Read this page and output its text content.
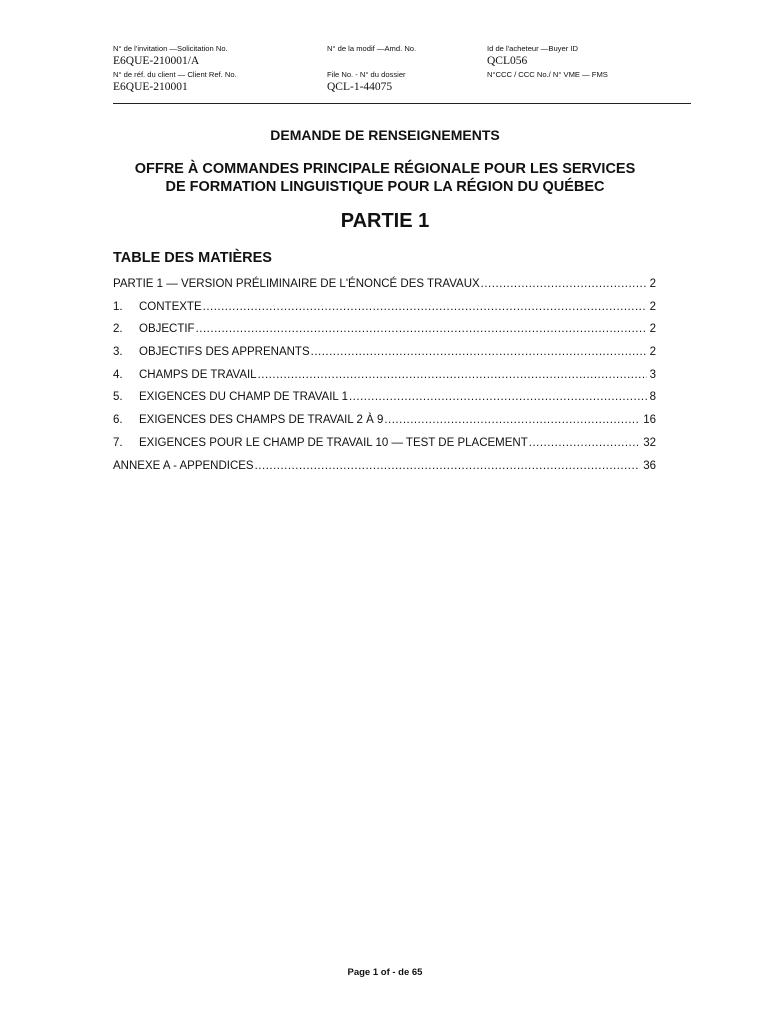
N° de l'invitation —Solicitation No.
E6QUE-210001/A
N° de la modif —Amd. No.	Id de l'acheteur —Buyer ID
QCL056
N° de réf. du client — Client Ref. No.
E6QUE-210001
File No. - N° du dossier
QCL-1-44075
N°CCC / CCC No./ N° VME — FMS
DEMANDE DE RENSEIGNEMENTS
OFFRE À COMMANDES PRINCIPALE RÉGIONALE POUR LES SERVICES
DE FORMATION LINGUISTIQUE POUR LA RÉGION DU QUÉBEC
PARTIE 1
TABLE DES MATIÈRES
PARTIE 1 — VERSION PRÉLIMINAIRE DE L'ÉNONCÉ DES TRAVAUX .....	2
1.	CONTEXTE .....	2
2.	OBJECTIF .....	2
3.	OBJECTIFS DES APPRENANTS .....	2
4.	CHAMPS DE TRAVAIL .....	3
5.	EXIGENCES DU CHAMP DE TRAVAIL 1 .....	8
6.	EXIGENCES DES CHAMPS DE TRAVAIL 2 À 9 .....	16
7.	EXIGENCES POUR LE CHAMP DE TRAVAIL 10 — TEST DE PLACEMENT .....	32
ANNEXE A - APPENDICES .....	36
Page 1 of - de 65
